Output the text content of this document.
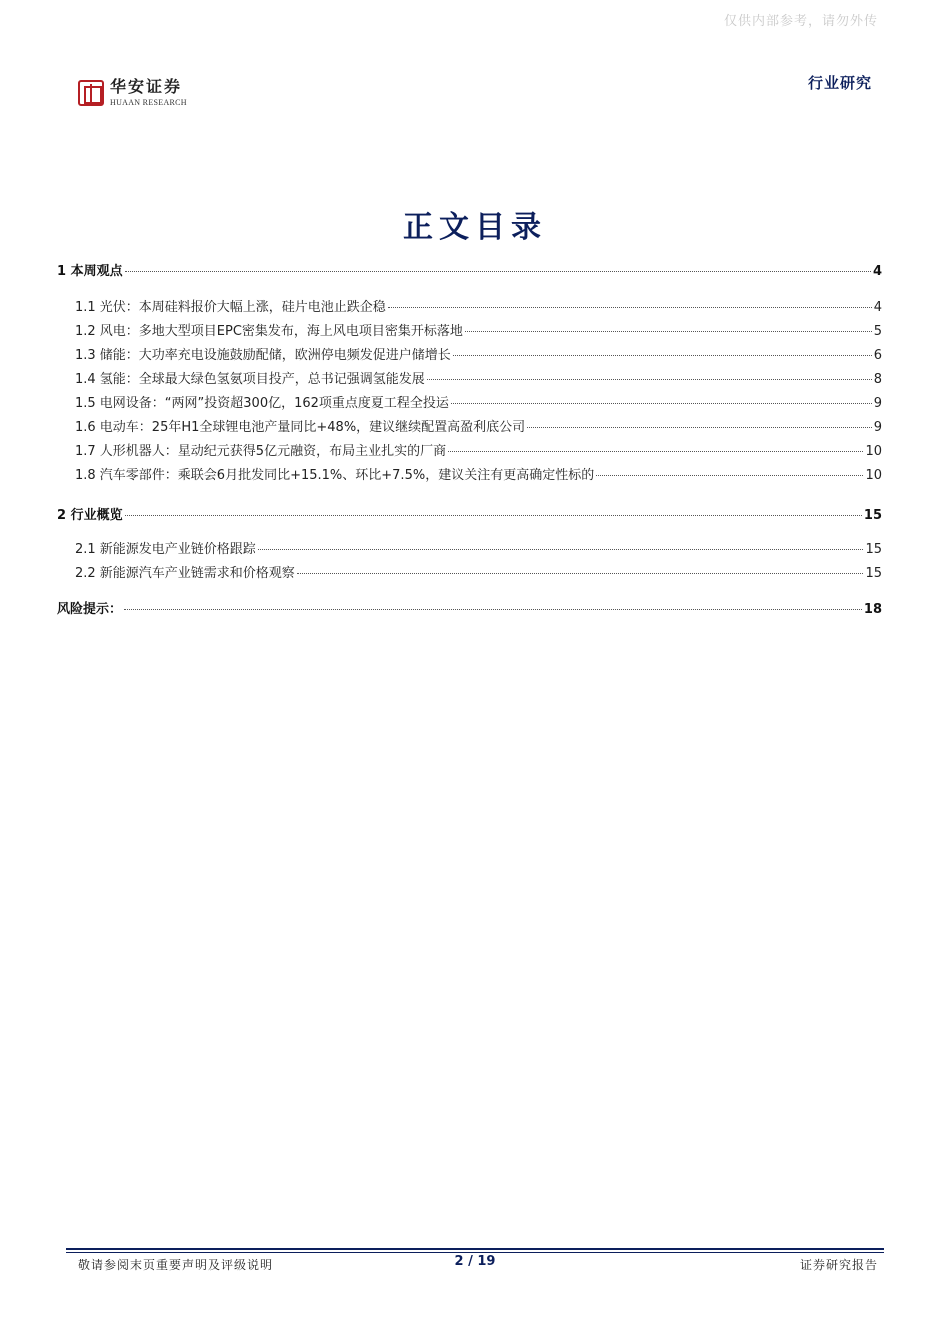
仅供内部参考，请勿外传
华安证券
HUAAN RESEARCH
行业研究
正文目录
1 本周观点	4
1.1 光伏：本周硅料报价大幅上涨，硅片电池止跌企稳	4
1.2 风电：多地大型项目EPC密集发布，海上风电项目密集开标落地	5
1.3 储能：大功率充电设施鼓励配储，欧洲停电频发促进户储增长	6
1.4 氢能：全球最大绿色氢氨项目投产，总书记强调氢能发展	8
1.5 电网设备：“两网”投资超300亿，162项重点度夏工程全投运	9
1.6 电动车：25年H1全球锂电池产量同比+48%，建议继续配置高盈利底公司	9
1.7 人形机器人：星动纪元获得5亿元融资，布局主业扎实的厂商	10
1.8 汽车零部件：乘联会6月批发同比+15.1%、环比+7.5%，建议关注有更高确定性标的	10
2 行业概览	15
2.1 新能源发电产业链价格跟踪	15
2.2 新能源汽车产业链需求和价格观察	15
风险提示：	18
敬请参阅末页重要声明及评级说明	2 / 19	证券研究报告
